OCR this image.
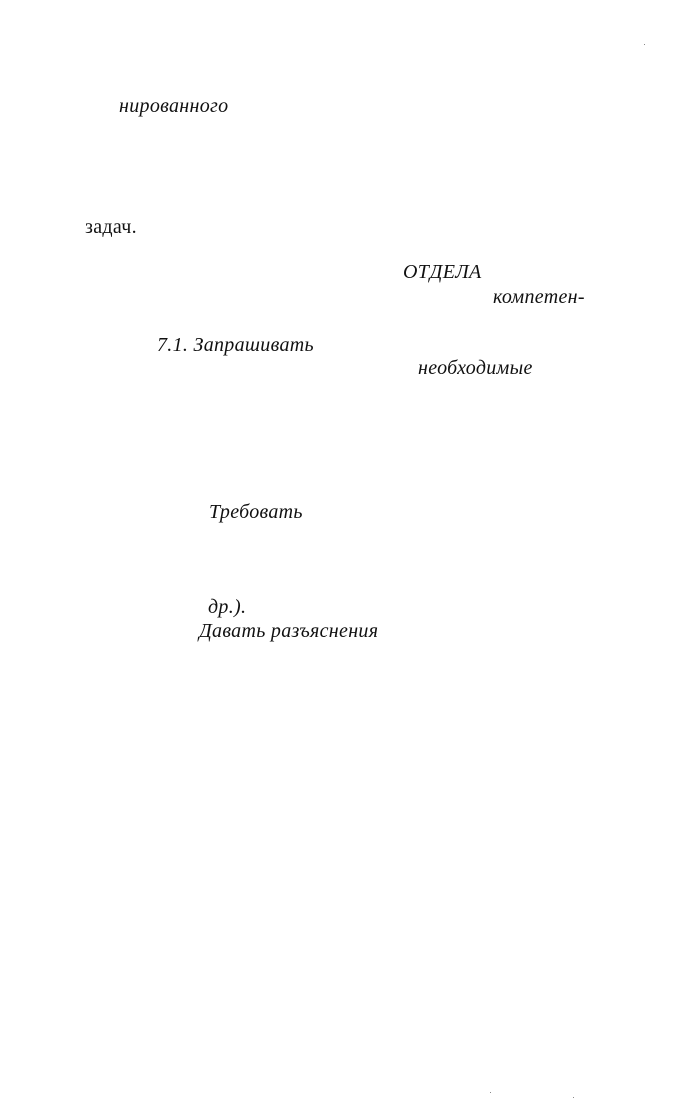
нированного
задач.
ОТДЕЛА
компетен-
7.1. Запрашивать
необходимые
Требовать
др.).
Давать разъяснения
